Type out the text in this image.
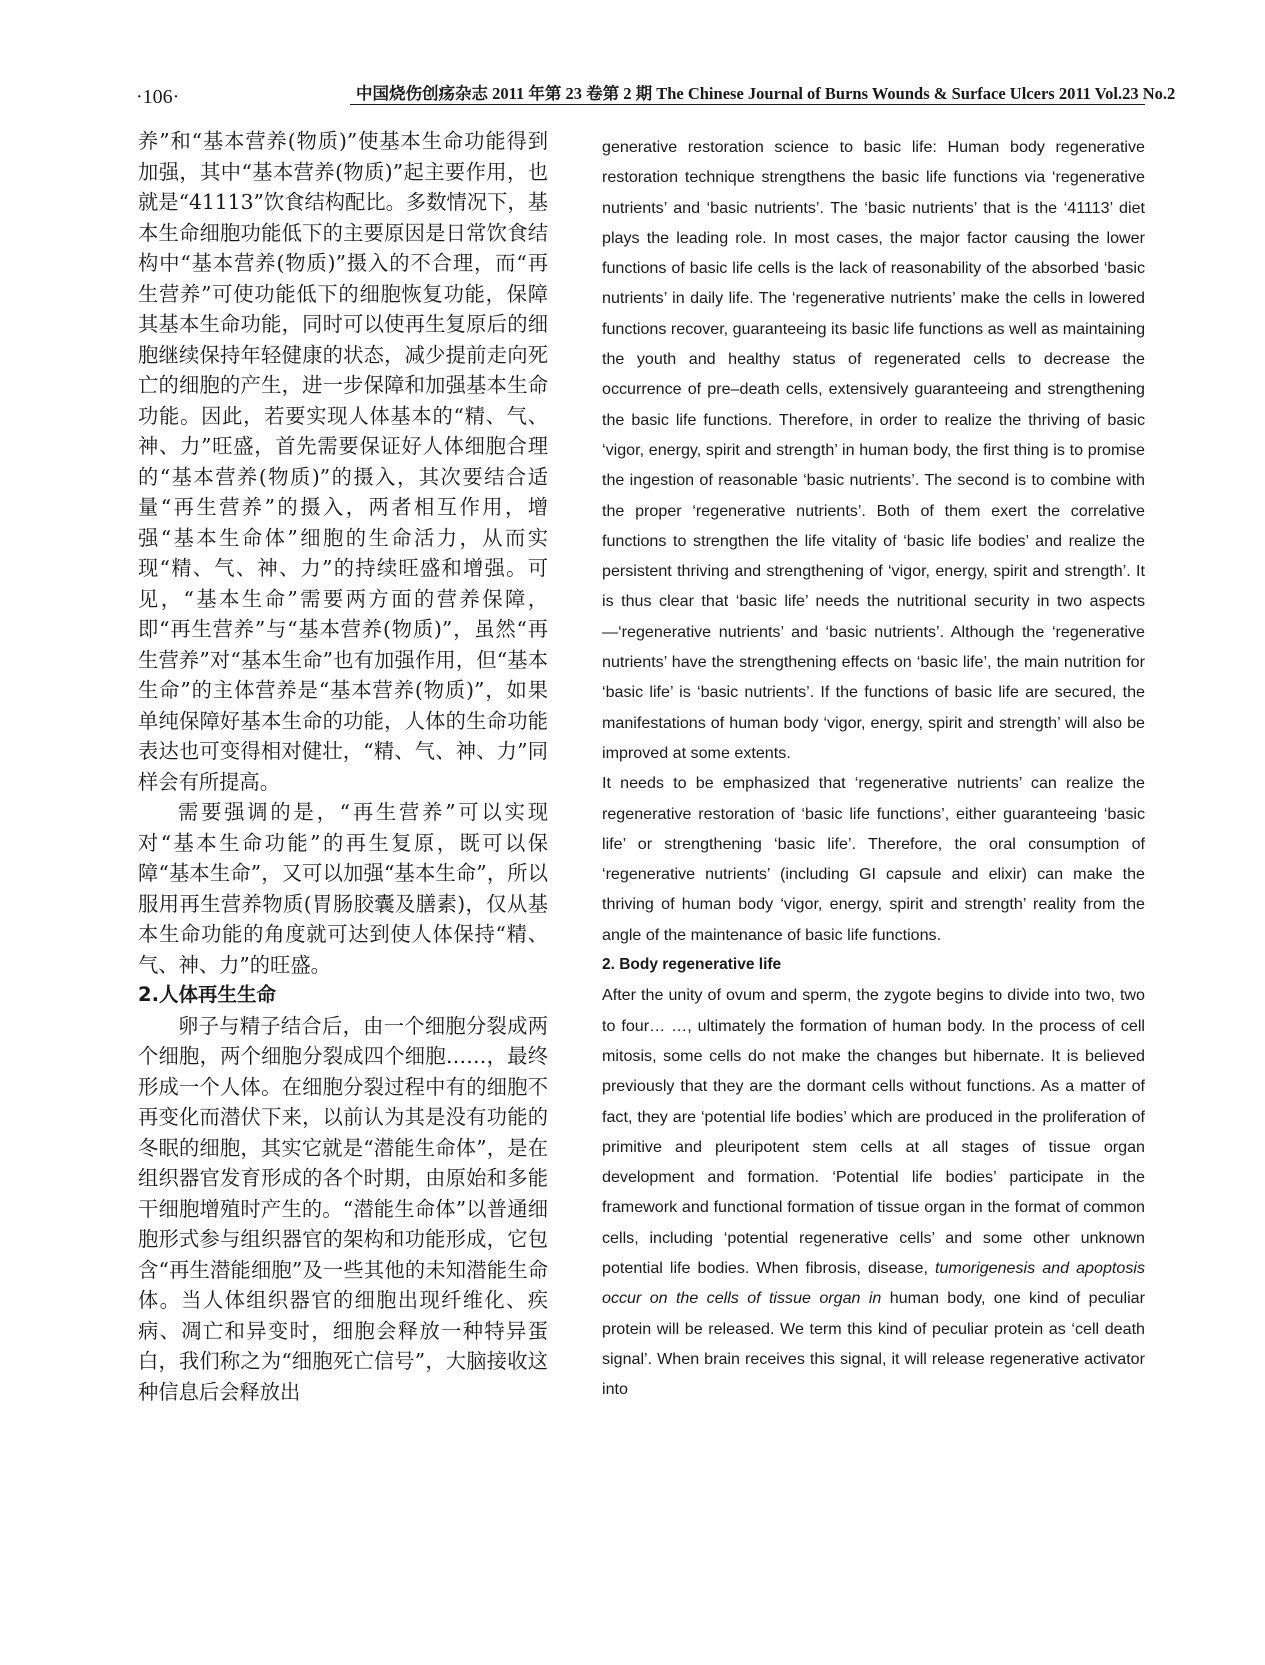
·106·	中国烧伤创疡杂志 2011 年第 23 卷第 2 期 The Chinese Journal of Burns Wounds & Surface Ulcers 2011 Vol.23 No.2

养”和“基本营养(物质)”使基本生命功能得到加强，其中“基本营养(物质)”起主要作用，也就是“41113”饮食结构配比。多数情况下，基本生命细胞功能低下的主要原因是日常饮食结构中“基本营养(物质)”摄入的不合理，而“再生营养”可使功能低下的细胞恢复功能，保障其基本生命功能，同时可以使再生复原后的细胞继续保持年轻健康的状态，减少提前走向死亡的细胞的产生，进一步保障和加强基本生命功能。因此，若要实现人体基本的“精、气、神、力”旺盛，首先需要保证好人体细胞合理的“基本营养(物质)”的摄入，其次要结合适量“再生营养”的摄入，两者相互作用，增强“基本生命体”细胞的生命活力，从而实现“精、气、神、力”的持续旺盛和增强。可见，“基本生命”需要两方面的营养保障，即“再生营养”与“基本营养(物质)”，虽然“再生营养”对“基本生命”也有加强作用，但“基本生命”的主体营养是“基本营养(物质)”，如果单纯保障好基本生命的功能，人体的生命功能表达也可变得相对健壮，“精、气、神、力”同样会有所提高。

需要强调的是，“再生营养”可以实现对“基本生命功能”的再生复原，既可以保障“基本生命”，又可以加强“基本生命”，所以服用再生营养物质(胃肠胶囊及膳素)，仅从基本生命功能的角度就可达到使人体保持“精、气、神、力”的旺盛。

2.人体再生生命

卵子与精子结合后，由一个细胞分裂成两个细胞，两个细胞分裂成四个细胞……，最终形成一个人体。在细胞分裂过程中有的细胞不再变化而潜伏下来，以前认为其是没有功能的冬眠的细胞，其实它就是“潜能生命体”，是在组织器官发育形成的各个时期，由原始和多能干细胞增殖时产生的。“潜能生命体”以普通细胞形式参与组织器官的架构和功能形成，它包含“再生潜能细胞”及一些其他的未知潜能生命体。当人体组织器官的细胞出现纤维化、疾病、凋亡和异变时，细胞会释放一种特异蛋白，我们称之为“细胞死亡信号”，大脑接收这种信息后会释放出

generative restoration science to basic life: Human body regenerative restoration technique strengthens the basic life functions via ‘regenerative nutrients’ and ‘basic nutrients’. The ‘basic nutrients’ that is the ‘41113’ diet plays the leading role. In most cases, the major factor causing the lower functions of basic life cells is the lack of reasonability of the absorbed ‘basic nutrients’ in daily life. The ‘regenerative nutrients’ make the cells in lowered functions recover, guaranteeing its basic life functions as well as maintaining the youth and healthy status of regenerated cells to decrease the occurrence of pre–death cells, extensively guaranteeing and strengthening the basic life functions. Therefore, in order to realize the thriving of basic ‘vigor, energy, spirit and strength’ in human body, the first thing is to promise the ingestion of reasonable ‘basic nutrients’. The second is to combine with the proper ‘regenerative nutrients’. Both of them exert the correlative functions to strengthen the life vitality of ‘basic life bodies’ and realize the persistent thriving and strengthening of ‘vigor, energy, spirit and strength’. It is thus clear that ‘basic life’ needs the nutritional security in two aspects—‘regenerative nutrients’ and ‘basic nutrients’. Although the ‘regenerative nutrients’ have the strengthening effects on ‘basic life’, the main nutrition for ‘basic life’ is ‘basic nutrients’. If the functions of basic life are secured, the manifestations of human body ‘vigor, energy, spirit and strength’ will also be improved at some extents.

It needs to be emphasized that ‘regenerative nutrients’ can realize the regenerative restoration of ‘basic life functions’, either guaranteeing ‘basic life’ or strengthening ‘basic life’. Therefore, the oral consumption of ‘regenerative nutrients’ (including GI capsule and elixir) can make the thriving of human body ‘vigor, energy, spirit and strength’ reality from the angle of the maintenance of basic life functions.

2. Body regenerative life

After the unity of ovum and sperm, the zygote begins to divide into two, two to four… …, ultimately the formation of human body. In the process of cell mitosis, some cells do not make the changes but hibernate. It is believed previously that they are the dormant cells without functions. As a matter of fact, they are ‘potential life bodies’ which are produced in the proliferation of primitive and pleuripotent stem cells at all stages of tissue organ development and formation. ‘Potential life bodies’ participate in the framework and functional formation of tissue organ in the format of common cells, including ‘potential regenerative cells’ and some other unknown potential life bodies. When fibrosis, disease, tumorigenesis and apoptosis occur on the cells of tissue organ in human body, one kind of peculiar protein will be released. We term this kind of peculiar protein as ‘cell death signal’. When brain receives this signal, it will release regenerative activator into
